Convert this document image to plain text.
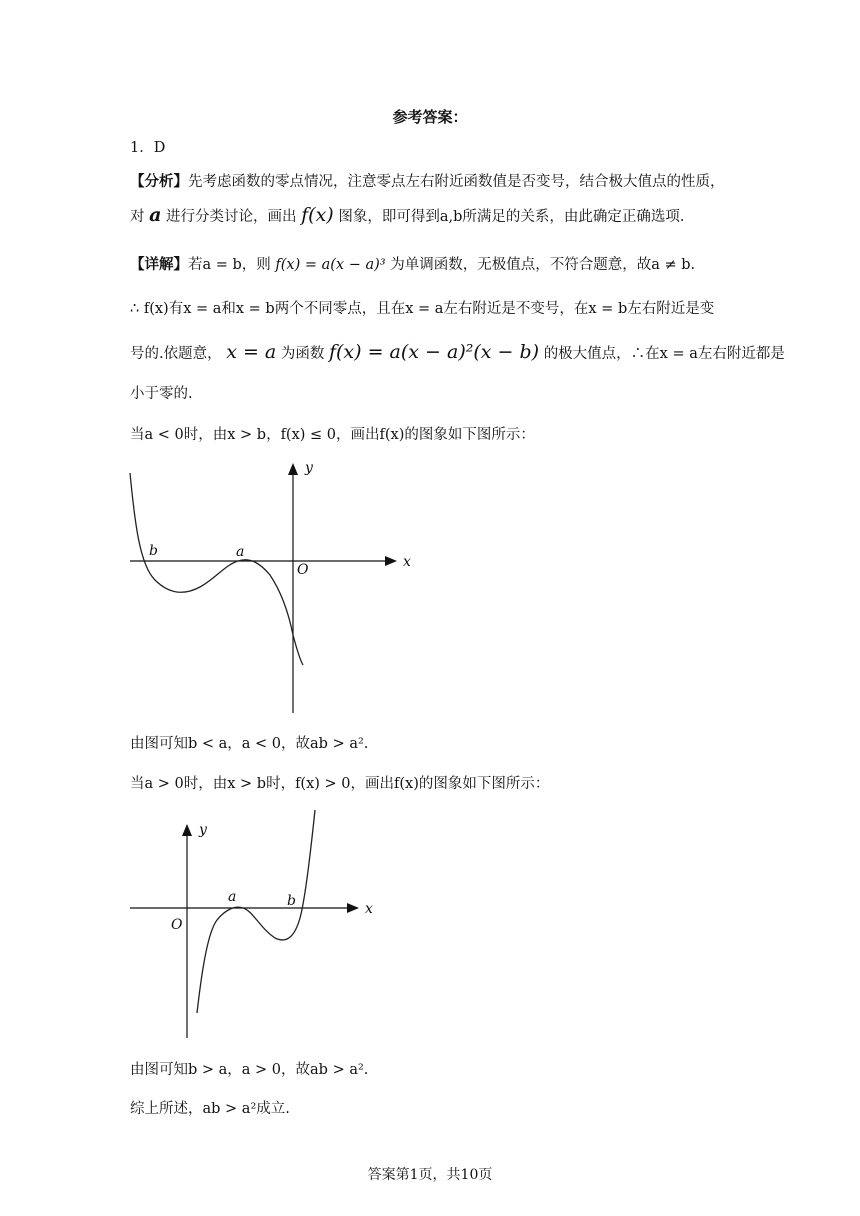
参考答案：
1．D
【分析】先考虑函数的零点情况，注意零点左右附近函数值是否变号，结合极大值点的性质，
对 a 进行分类讨论，画出 f(x) 图象，即可得到a,b所满足的关系，由此确定正确选项.
【详解】若a = b，则 f(x) = a(x − a)³ 为单调函数，无极值点，不符合题意，故a ≠ b.
∴ f(x)有x = a和x = b两个不同零点，且在x = a左右附近是不变号，在x = b左右附近是变
号的.依题意， x = a 为函数 f(x) = a(x − a)²(x − b) 的极大值点，∴在x = a左右附近都是
小于零的.
当a < 0时，由x > b，f(x) ≤ 0，画出f(x)的图象如下图所示：
b	a
O	x
y
由图可知b < a，a < 0，故ab > a².
当a > 0时，由x > b时，f(x) > 0，画出f(x)的图象如下图所示：
a	b
O
x
y
由图可知b > a，a > 0，故ab > a².
综上所述，ab > a²成立.
答案第1页，共10页
